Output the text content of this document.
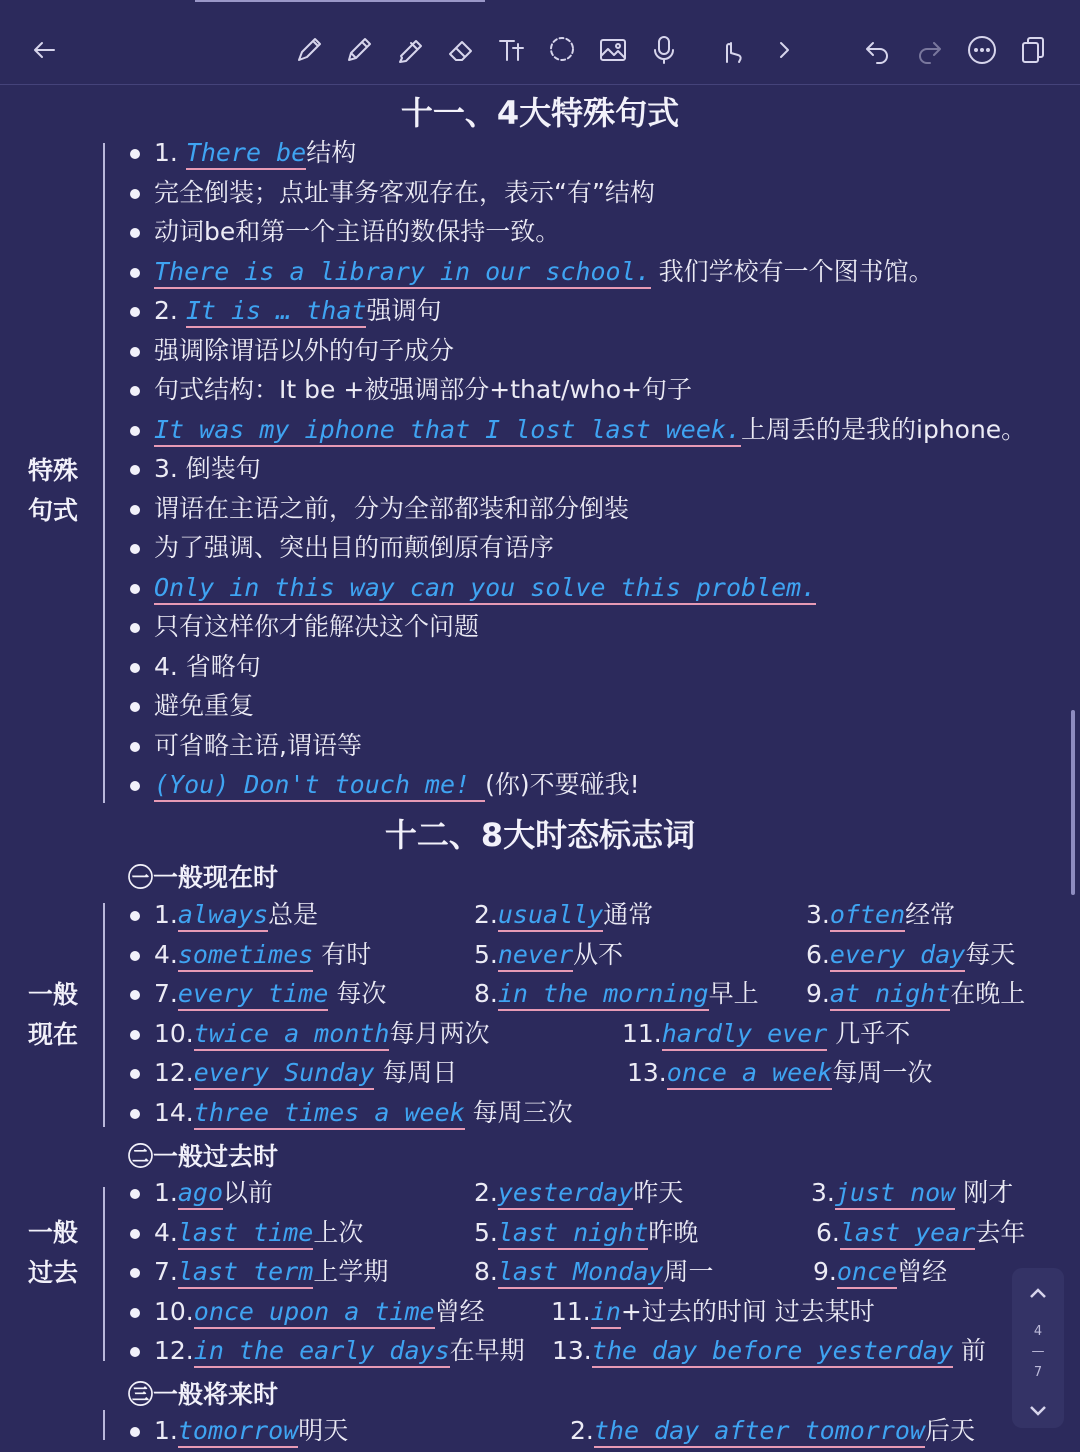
十一、4大特殊句式
特殊
句式
1. There be结构
完全倒装；点址事务客观存在，表示“有”结构
动词be和第一个主语的数保持一致。
There is a library in our school. 我们学校有一个图书馆。
2. It is … that强调句
强调除谓语以外的句子成分
句式结构：It be +被强调部分+that/who+句子
It was my iphone that I lost last week.上周丢的是我的iphone。
3. 倒装句
谓语在主语之前，分为全部都装和部分倒装
为了强调、突出目的而颠倒原有语序
Only in this way can you solve this problem.
只有这样你才能解决这个问题
4. 省略句
避免重复
可省略主语,谓语等
(You) Don't touch me! (你)不要碰我!
十二、8大时态标志词
㊀一般现在时
一般
现在
1.always总是	2.usually通常	3.often经常
4.sometimes 有时	5.never从不	6.every day每天
7.every time 每次	8.in the morning早上 9.at night在晚上
10.twice a month每月两次	11.hardly ever 几乎不
12.every Sunday 每周日	13.once a week每周一次
14.three times a week 每周三次
㊁一般过去时
一般
过去
1.ago以前	2.yesterday昨天	3.just now 刚才
4.last time上次	5.last night昨晚	6.last year去年
7.last term上学期	8.last Monday周一	9.once曾经
10.once upon a time曾经	11.in+过去的时间 过去某时
12.in the early days在早期 13.the day before yesterday 前
㊂一般将来时
1.tomorrow明天	2.the day after tomorrow后天
4
—
7
